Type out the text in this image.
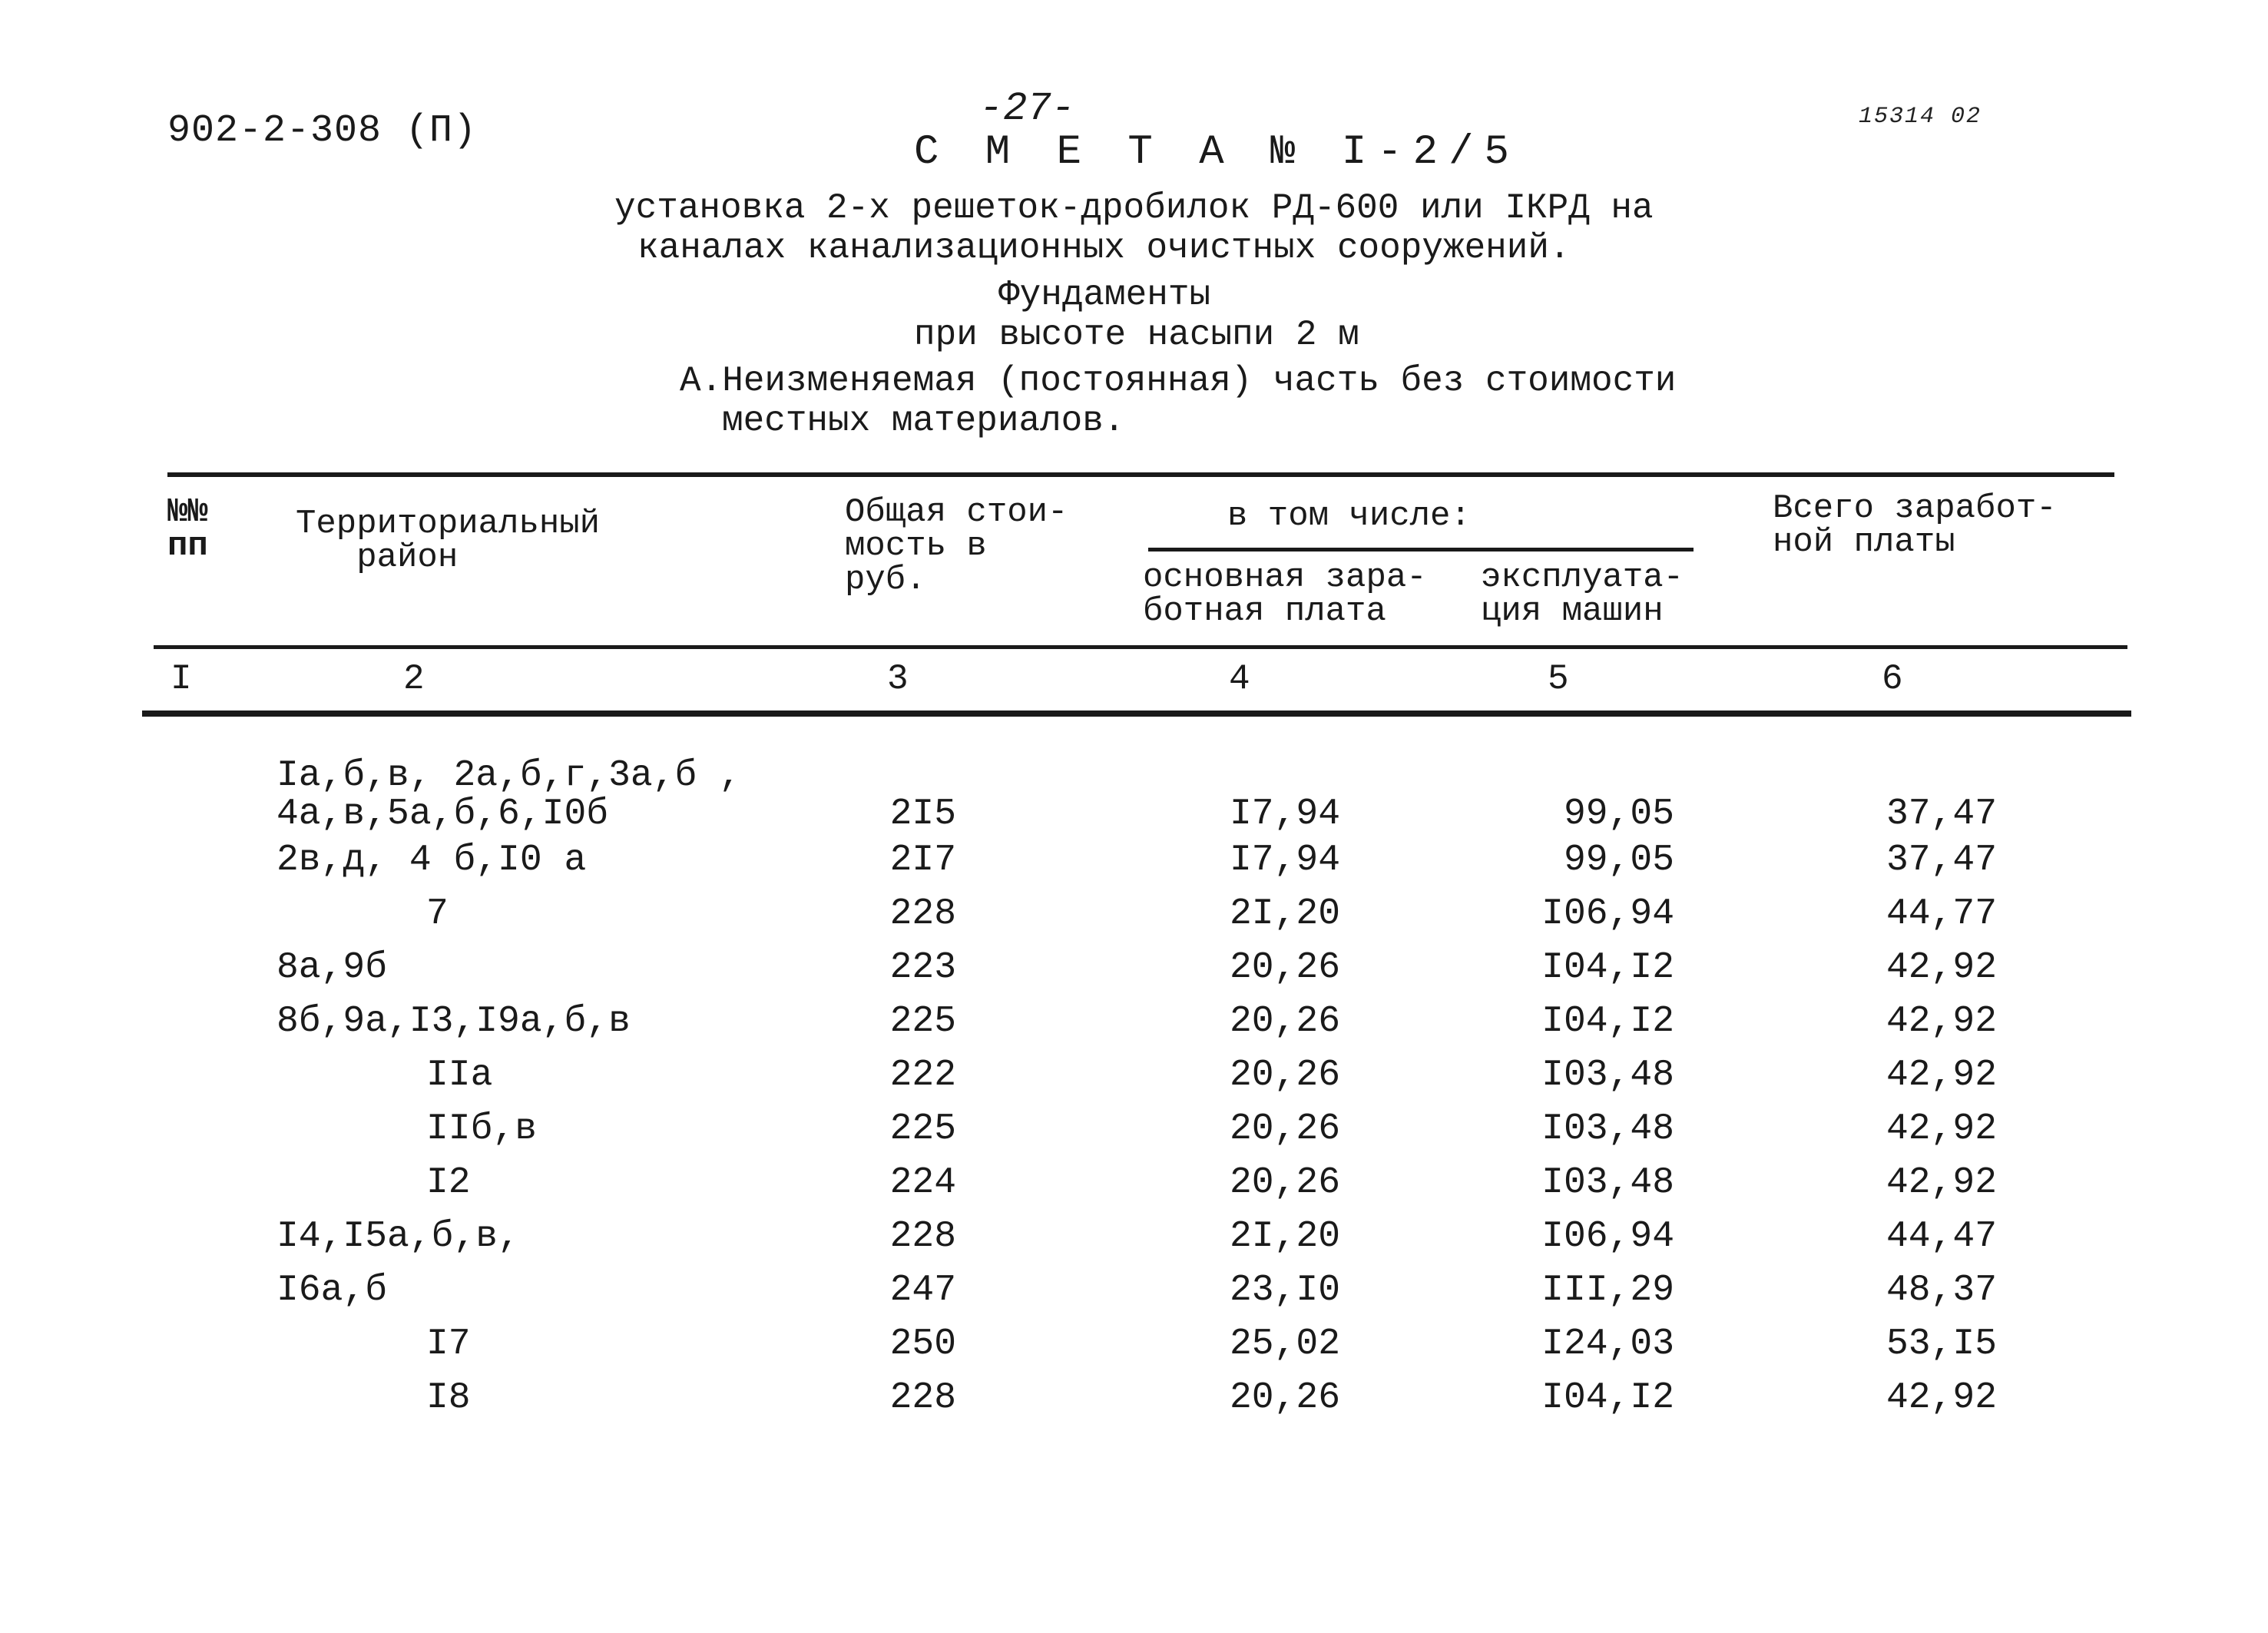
902-2-308 (П)	-27-	15314 02
С М Е Т А № I-2/5
установка 2-х решеток-дробилок РД-600 или IКРД на
каналах канализационных очистных сооружений.
Фундаменты
при высоте насыпи 2 м
А.Неизменяемая (постоянная) часть без стоимости
местных материалов.
№№
пп
Территориальный
район
Общая стои-
мость в
руб.
в том числе:
основная зара-
ботная плата
эксплуата-
ция машин
Всего заработ-
ной платы
I	2	3	4	5	6
Iа,б,в, 2а,б,г,3а,б ,
4а,в,5а,б,6,I0б	2I5	I7,94	99,05	37,47
2в,д, 4 б,I0 а	2I7	I7,94	99,05	37,47
7	228	2I,20	I06,94	44,77
8а,9б	223	20,26	I04,I2	42,92
8б,9а,I3,I9а,б,в	225	20,26	I04,I2	42,92
IIа	222	20,26	I03,48	42,92
IIб,в	225	20,26	I03,48	42,92
I2	224	20,26	I03,48	42,92
I4,I5а,б,в,	228	2I,20	I06,94	44,47
I6а,б	247	23,I0	III,29	48,37
I7	250	25,02	I24,03	53,I5
I8	228	20,26	I04,I2	42,92
